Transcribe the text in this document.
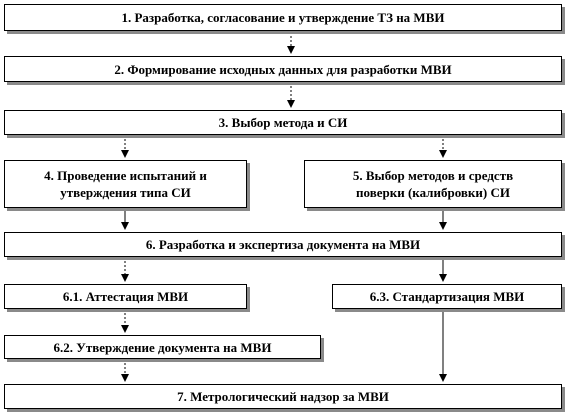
1. Разработка, согласование и утверждение ТЗ на МВИ
2. Формирование исходных данных для разработки МВИ
3. Выбор метода и СИ
4. Проведение испытаний и
утверждения типа СИ
5. Выбор методов и средств
поверки (калибровки) СИ
6. Разработка и экспертиза документа на МВИ
6.1. Аттестация МВИ	6.3. Стандартизация МВИ
6.2. Утверждение документа на МВИ
7. Метрологический надзор за МВИ
